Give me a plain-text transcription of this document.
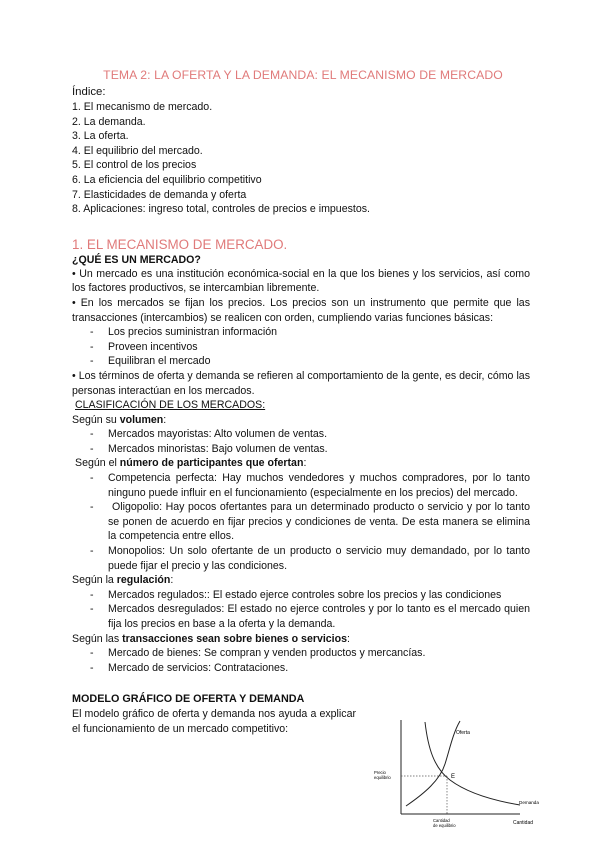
TEMA 2: LA OFERTA Y LA DEMANDA: EL MECANISMO DE MERCADO
Índice:
1. El mecanismo de mercado.
2. La demanda.
3. La oferta.
4. El equilibrio del mercado.
5. El control de los precios
6. La eficiencia del equilibrio competitivo
7. Elasticidades de demanda y oferta
8. Aplicaciones: ingreso total, controles de precios e impuestos.
1. EL MECANISMO DE MERCADO.
¿QUÉ ES UN MERCADO?
• Un mercado es una institución económica-social en la que los bienes y los servicios, así como los factores productivos, se intercambian libremente.
• En los mercados se fijan los precios. Los precios son un instrumento que permite que las transacciones (intercambios) se realicen con orden, cumpliendo varias funciones básicas:
-	Los precios suministran información
-	Proveen incentivos
-	Equilibran el mercado
• Los términos de oferta y demanda se refieren al comportamiento de la gente, es decir, cómo las personas interactúan en los mercados.
CLASIFICACIÓN DE LOS MERCADOS:
Según su volumen:
-	Mercados mayoristas: Alto volumen de ventas.
-	Mercados minoristas: Bajo volumen de ventas.
Según el número de participantes que ofertan:
-	Competencia perfecta: Hay muchos vendedores y muchos compradores, por lo tanto ninguno puede influir en el funcionamiento (especialmente en los precios) del mercado.
-	Oligopolio: Hay pocos ofertantes para un determinado producto o servicio y por lo tanto se ponen de acuerdo en fijar precios y condiciones de venta. De esta manera se elimina la competencia entre ellos.
-	Monopolios: Un solo ofertante de un producto o servicio muy demandado, por lo tanto puede fijar el precio y las condiciones.
Según la regulación:
-	Mercados regulados:: El estado ejerce controles sobre los precios y las condiciones
-	Mercados desregulados: El estado no ejerce controles y por lo tanto es el mercado quien fija los precios en base a la oferta y la demanda.
Según las transacciones sean sobre bienes o servicios:
-	Mercado de bienes: Se compran y venden productos y mercancías.
-	Mercado de servicios: Contrataciones.
MODELO GRÁFICO DE OFERTA Y DEMANDA
El modelo gráfico de oferta y demanda nos ayuda a explicar el funcionamiento de un mercado competitivo:	Oferta
Demanda
E
Precio equilibrio
Cantidad de equilibrio	Cantidad
